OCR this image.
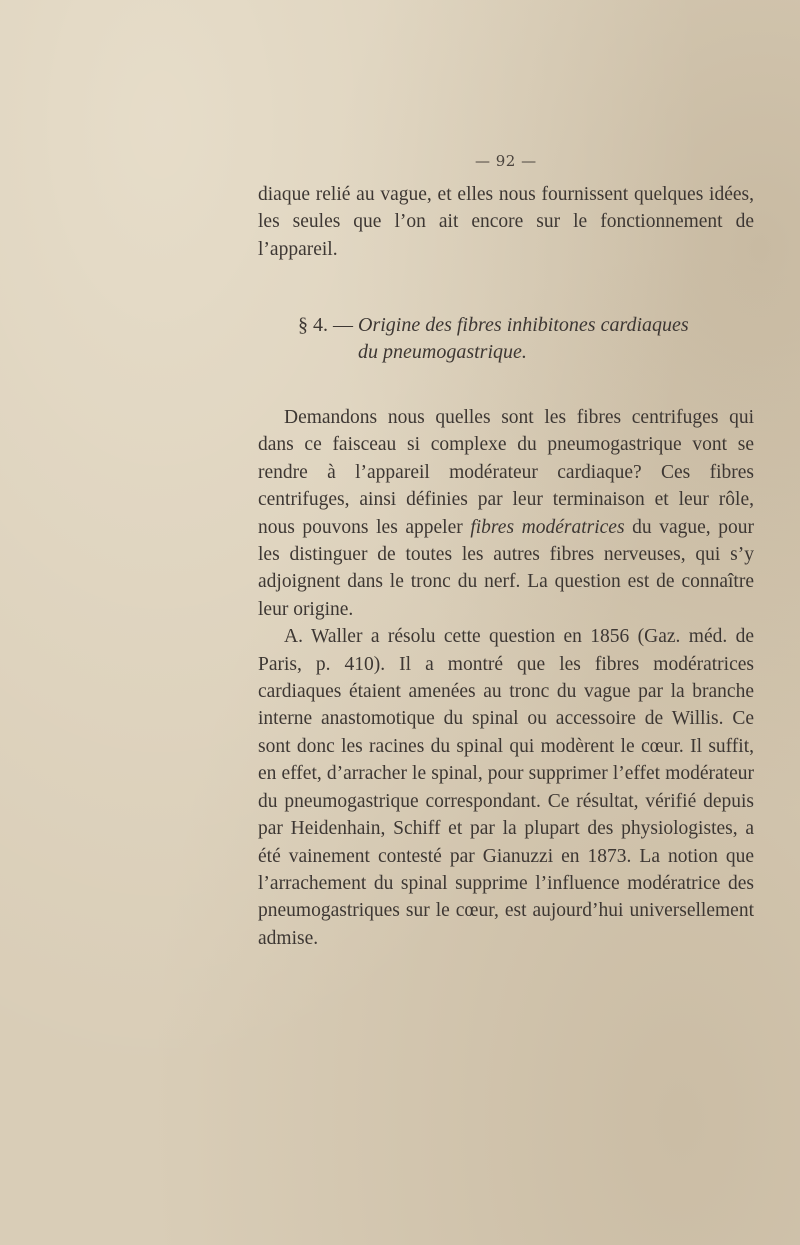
— 92 —

diaque relié au vague, et elles nous fournissent quelques idées, les seules que l’on ait encore sur le fonctionnement de l’appareil.

§ 4. — Origine des fibres inhibitones cardiaques
du pneumogastrique.

Demandons nous quelles sont les fibres centrifuges qui dans ce faisceau si complexe du pneumogastrique vont se rendre à l’appareil modérateur cardiaque? Ces fibres centrifuges, ainsi définies par leur terminaison et leur rôle, nous pouvons les appeler fibres modératrices du vague, pour les distinguer de toutes les autres fibres nerveuses, qui s’y adjoignent dans le tronc du nerf. La question est de connaître leur origine.

A. Waller a résolu cette question en 1856 (Gaz. méd. de Paris, p. 410). Il a montré que les fibres modératrices cardiaques étaient amenées au tronc du vague par la branche interne anastomotique du spinal ou accessoire de Willis. Ce sont donc les racines du spinal qui modèrent le cœur. Il suffit, en effet, d’arracher le spinal, pour supprimer l’effet modérateur du pneumogastrique correspondant. Ce résultat, vérifié depuis par Heidenhain, Schiff et par la plupart des physiologistes, a été vainement contesté par Gianuzzi en 1873. La notion que l’arrachement du spinal supprime l’influence modératrice des pneumogastriques sur le cœur, est aujourd’hui universellement admise.
